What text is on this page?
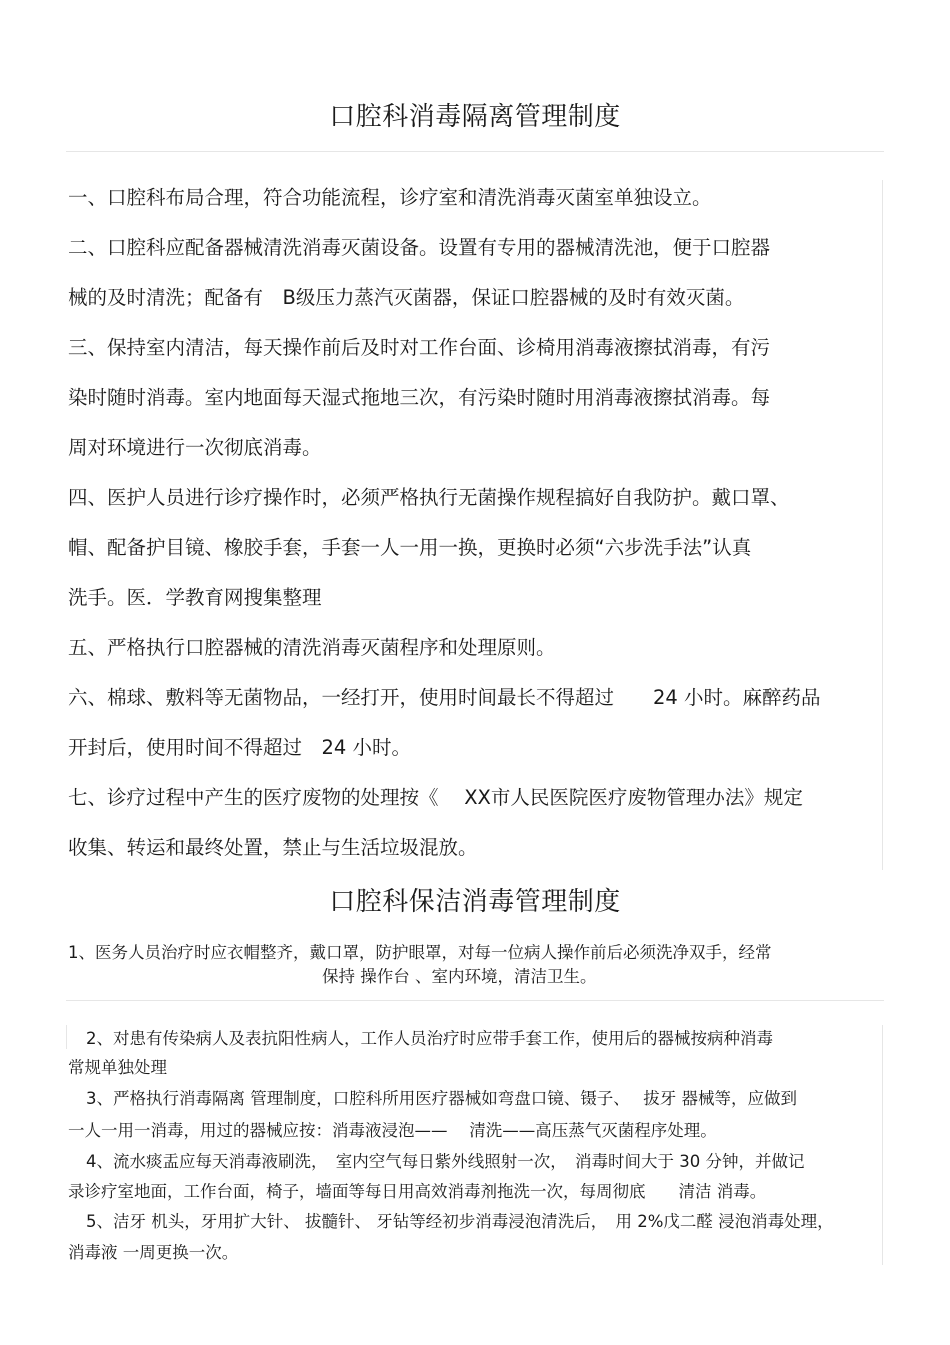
口腔科消毒隔离管理制度
一、口腔科布局合理，符合功能流程，诊疗室和清洗消毒灭菌室单独设立。
二、口腔科应配备器械清洗消毒灭菌设备。设置有专用的器械清洗池，便于口腔器
械的及时清洗；配备有　B级压力蒸汽灭菌器，保证口腔器械的及时有效灭菌。
三、保持室内清洁，每天操作前后及时对工作台面、诊椅用消毒液擦拭消毒，有污
染时随时消毒。室内地面每天湿式拖地三次，有污染时随时用消毒液擦拭消毒。每
周对环境进行一次彻底消毒。
四、医护人员进行诊疗操作时，必须严格执行无菌操作规程搞好自我防护。戴口罩、
帽、配备护目镜、橡胶手套，手套一人一用一换，更换时必须“六步洗手法”认真
洗手。医．学教育网搜集整理
五、严格执行口腔器械的清洗消毒灭菌程序和处理原则。
六、棉球、敷料等无菌物品，一经打开，使用时间最长不得超过　　24 小时。麻醉药品
开封后，使用时间不得超过　24 小时。
七、诊疗过程中产生的医疗废物的处理按《　 XX市人民医院医疗废物管理办法》规定
收集、转运和最终处置，禁止与生活垃圾混放。
口腔科保洁消毒管理制度
1、医务人员治疗时应衣帽整齐，戴口罩，防护眼罩，对每一位病人操作前后必须洗净双手，经常
保持 操作台 、室内环境，清洁卫生。
2、对患有传染病人及表抗阳性病人，工作人员治疗时应带手套工作，使用后的器械按病种消毒
常规单独处理
3、严格执行消毒隔离 管理制度，口腔科所用医疗器械如弯盘口镜、镊子、　 拔牙 器械等，应做到
一人一用一消毒，用过的器械应按：消毒液浸泡——　 清洗——高压蒸气灭菌程序处理。
4、流水痰盂应每天消毒液刷洗，　室内空气每日紫外线照射一次，　消毒时间大于 30 分钟，并做记
录诊疗室地面，工作台面，椅子，墙面等每日用高效消毒剂拖洗一次，每周彻底　　清洁 消毒。
5、洁牙 机头，牙用扩大针、 拔髓针、 牙钻等经初步消毒浸泡清洗后，　用 2%戊二醛 浸泡消毒处理，
消毒液 一周更换一次。
